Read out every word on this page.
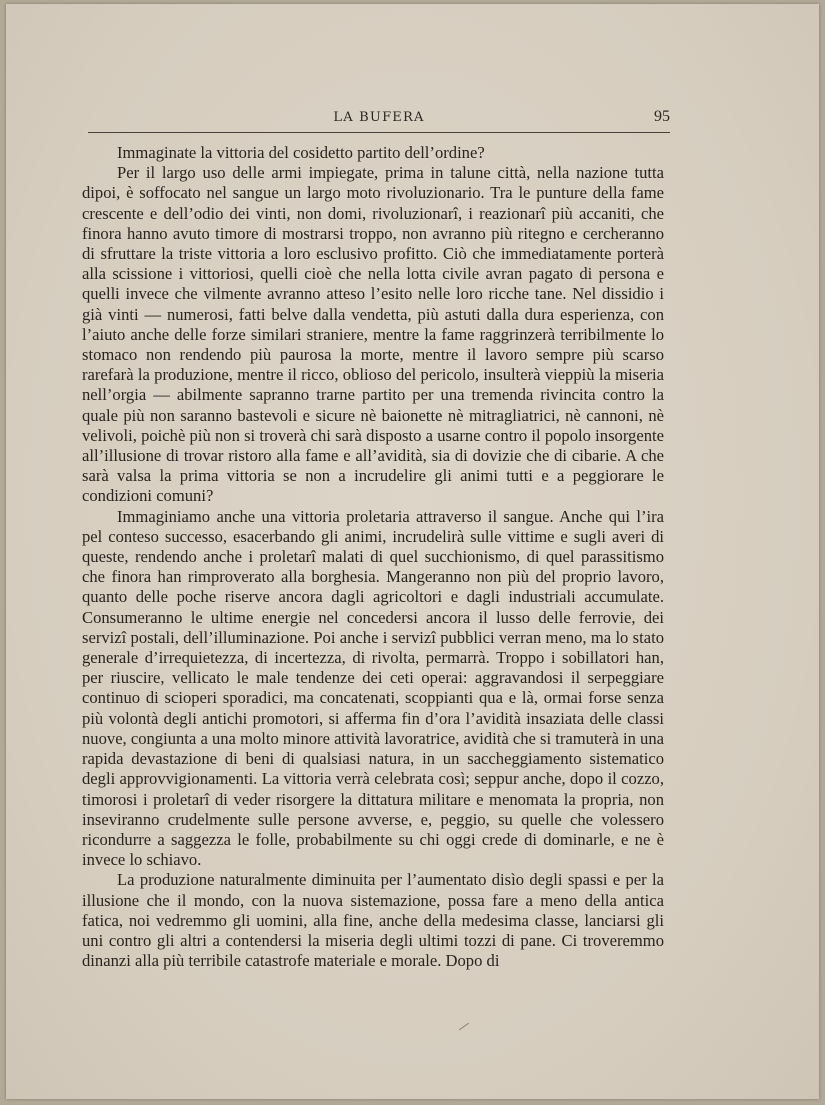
LA BUFERA	95

Immaginate la vittoria del cosidetto partito dell’ordine?

Per il largo uso delle armi impiegate, prima in talune città, nella nazione tutta dipoi, è soffocato nel sangue un largo moto rivoluzionario. Tra le punture della fame crescente e dell’odio dei vinti, non domi, rivoluzionarî, i reazionarî più accaniti, che finora hanno avuto timore di mostrarsi troppo, non avranno più ritegno e cercheranno di sfruttare la triste vittoria a loro esclusivo profitto. Ciò che immediatamente porterà alla scissione i vittoriosi, quelli cioè che nella lotta civile avran pagato di persona e quelli invece che vilmente avranno atteso l’esito nelle loro ricche tane. Nel dissidio i già vinti — numerosi, fatti belve dalla vendetta, più astuti dalla dura esperienza, con l’aiuto anche delle forze similari straniere, mentre la fame raggrinzerà terribilmente lo stomaco non rendendo più paurosa la morte, mentre il lavoro sempre più scarso rarefarà la produzione, mentre il ricco, oblioso del pericolo, insulterà vieppiù la miseria nell’orgia — abilmente sapranno trarne partito per una tremenda rivincita contro la quale più non saranno bastevoli e sicure nè baionette nè mitragliatrici, nè cannoni, nè velivoli, poichè più non si troverà chi sarà disposto a usarne contro il popolo insorgente all’illusione di trovar ristoro alla fame e all’avidità, sia di dovizie che di cibarie. A che sarà valsa la prima vittoria se non a incrudelire gli animi tutti e a peggiorare le condizioni comuni?

Immaginiamo anche una vittoria proletaria attraverso il sangue. Anche qui l’ira pel conteso successo, esacerbando gli animi, incrudelirà sulle vittime e sugli averi di queste, rendendo anche i proletarî malati di quel succhionismo, di quel parassitismo che finora han rimproverato alla borghesia. Mangeranno non più del proprio lavoro, quanto delle poche riserve ancora dagli agricoltori e dagli industriali accumulate. Consumeranno le ultime energie nel concedersi ancora il lusso delle ferrovie, dei servizî postali, dell’illuminazione. Poi anche i servizî pubblici verran meno, ma lo stato generale d’irrequietezza, di incertezza, di rivolta, permarrà. Troppo i sobillatori han, per riuscire, vellicato le male tendenze dei ceti operai: aggravandosi il serpeggiare continuo di scioperi sporadici, ma concatenati, scoppianti qua e là, ormai forse senza più volontà degli antichi promotori, si afferma fin d’ora l’avidità insaziata delle classi nuove, congiunta a una molto minore attività lavoratrice, avidità che si tramuterà in una rapida devastazione di beni di qualsiasi natura, in un saccheggiamento sistematico degli approvvigionamenti. La vittoria verrà celebrata così; seppur anche, dopo il cozzo, timorosi i proletarî di veder risorgere la dittatura militare e menomata la propria, non inseviranno crudelmente sulle persone avverse, e, peggio, su quelle che volessero ricondurre a saggezza le folle, probabilmente su chi oggi crede di dominarle, e ne è invece lo schiavo.

La produzione naturalmente diminuita per l’aumentato disìo degli spassi e per la illusione che il mondo, con la nuova sistemazione, possa fare a meno della antica fatica, noi vedremmo gli uomini, alla fine, anche della medesima classe, lanciarsi gli uni contro gli altri a contendersi la miseria degli ultimi tozzi di pane. Ci troveremmo dinanzi alla più terribile catastrofe materiale e morale. Dopo di
